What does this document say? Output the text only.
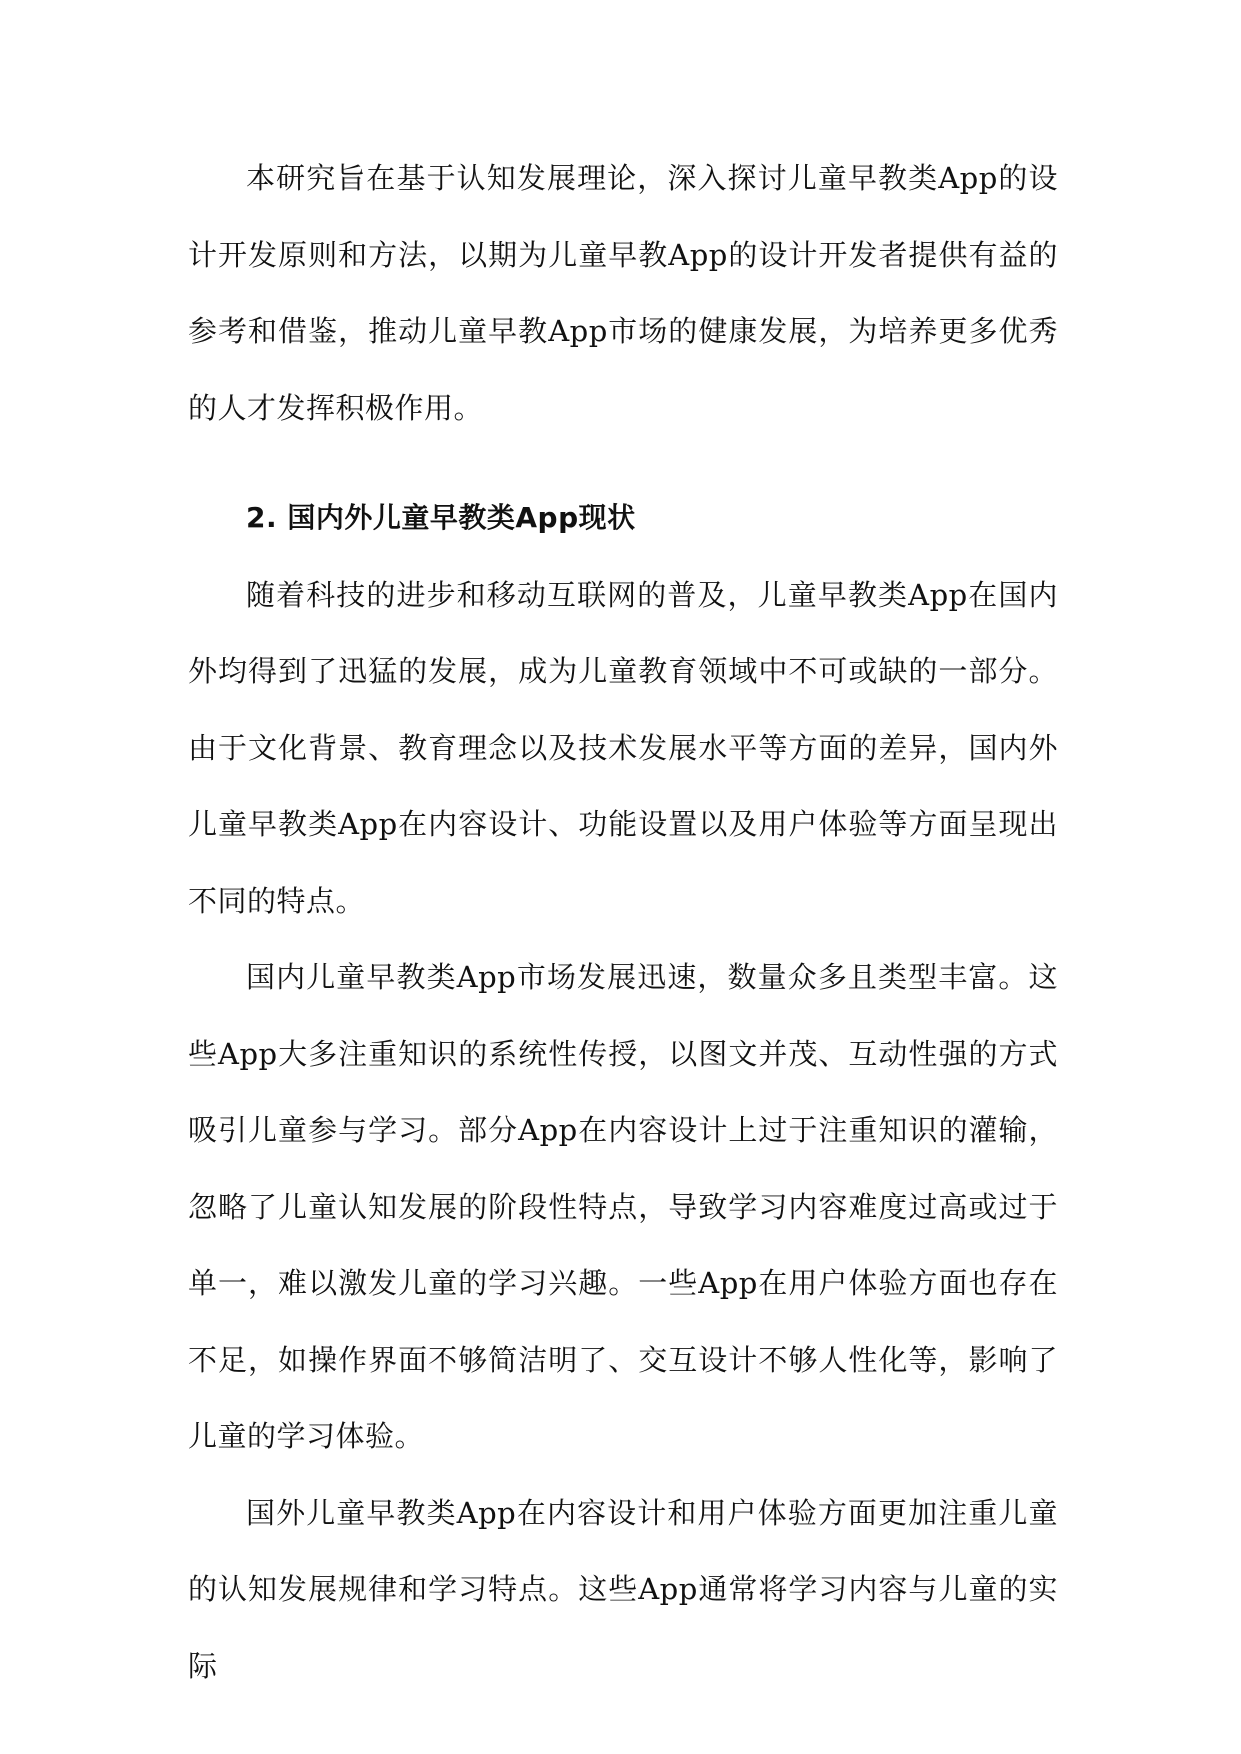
本研究旨在基于认知发展理论，深入探讨儿童早教类App的设计开发原则和方法，以期为儿童早教App的设计开发者提供有益的参考和借鉴，推动儿童早教App市场的健康发展，为培养更多优秀的人才发挥积极作用。

2. 国内外儿童早教类App现状

随着科技的进步和移动互联网的普及，儿童早教类App在国内外均得到了迅猛的发展，成为儿童教育领域中不可或缺的一部分。由于文化背景、教育理念以及技术发展水平等方面的差异，国内外儿童早教类App在内容设计、功能设置以及用户体验等方面呈现出不同的特点。

国内儿童早教类App市场发展迅速，数量众多且类型丰富。这些App大多注重知识的系统性传授，以图文并茂、互动性强的方式吸引儿童参与学习。部分App在内容设计上过于注重知识的灌输，忽略了儿童认知发展的阶段性特点，导致学习内容难度过高或过于单一，难以激发儿童的学习兴趣。一些App在用户体验方面也存在不足，如操作界面不够简洁明了、交互设计不够人性化等，影响了儿童的学习体验。

国外儿童早教类App在内容设计和用户体验方面更加注重儿童的认知发展规律和学习特点。这些App通常将学习内容与儿童的实际
